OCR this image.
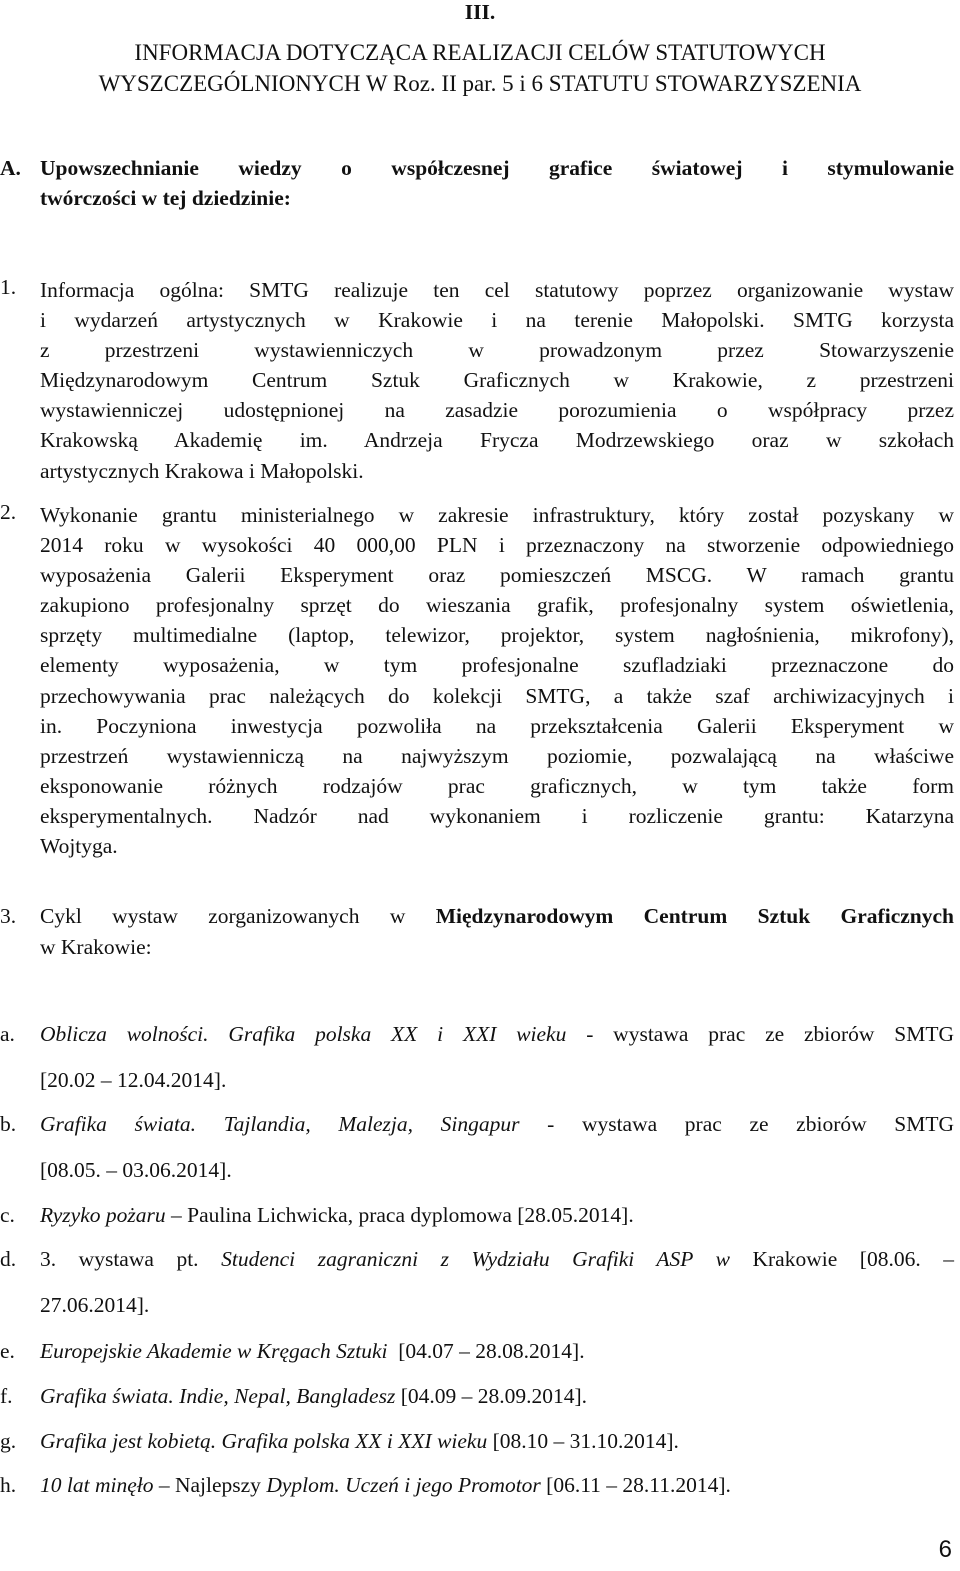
III.
INFORMACJA DOTYCZĄCA REALIZACJI CELÓW STATUTOWYCH
WYSZCZEGÓLNIONYCH W Roz. II par. 5 i 6 STATUTU STOWARZYSZENIA
A. Upowszechnianie wiedzy o współczesnej grafice światowej i stymulowanie
twórczości w tej dziedzinie:
1. Informacja ogólna: SMTG realizuje ten cel statutowy poprzez organizowanie wystaw
i wydarzeń artystycznych w Krakowie i na terenie Małopolski. SMTG korzysta
z przestrzeni wystawienniczych w prowadzonym przez Stowarzyszenie
Międzynarodowym Centrum Sztuk Graficznych w Krakowie, z przestrzeni
wystawienniczej udostępnionej na zasadzie porozumienia o współpracy przez
Krakowską Akademię im. Andrzeja Frycza Modrzewskiego oraz w szkołach
artystycznych Krakowa i Małopolski.
2. Wykonanie grantu ministerialnego w zakresie infrastruktury, który został pozyskany w
2014 roku w wysokości 40 000,00 PLN i przeznaczony na stworzenie odpowiedniego
wyposażenia Galerii Eksperyment oraz pomieszczeń MSCG. W ramach grantu
zakupiono profesjonalny sprzęt do wieszania grafik, profesjonalny system oświetlenia,
sprzęty multimedialne (laptop, telewizor, projektor, system nagłośnienia, mikrofony),
elementy wyposażenia, w tym profesjonalne szufladziaki przeznaczone do
przechowywania prac należących do kolekcji SMTG, a także szaf archiwizacyjnych i
in. Poczyniona inwestycja pozwoliła na przekształcenia Galerii Eksperyment w
przestrzeń wystawienniczą na najwyższym poziomie, pozwalającą na właściwe
eksponowanie różnych rodzajów prac graficznych, w tym także form
eksperymentalnych. Nadzór nad wykonaniem i rozliczenie grantu: Katarzyna
Wojtyga.
3. Cykl wystaw zorganizowanych w Międzynarodowym Centrum Sztuk Graficznych
w Krakowie:
a. Oblicza wolności. Grafika polska XX i XXI wieku - wystawa prac ze zbiorów SMTG
[20.02 – 12.04.2014].
b. Grafika świata. Tajlandia, Malezja, Singapur - wystawa prac ze zbiorów SMTG
[08.05. – 03.06.2014].
c. Ryzyko pożaru – Paulina Lichwicka, praca dyplomowa [28.05.2014].
d. 3. wystawa pt. Studenci zagraniczni z Wydziału Grafiki ASP w Krakowie [08.06. –
27.06.2014].
e. Europejskie Akademie w Kręgach Sztuki  [04.07 – 28.08.2014].
f. Grafika świata. Indie, Nepal, Bangladesz [04.09 – 28.09.2014].
g. Grafika jest kobietą. Grafika polska XX i XXI wieku [08.10 – 31.10.2014].
h. 10 lat minęło – Najlepszy Dyplom. Uczeń i jego Promotor [06.11 – 28.11.2014].
6
